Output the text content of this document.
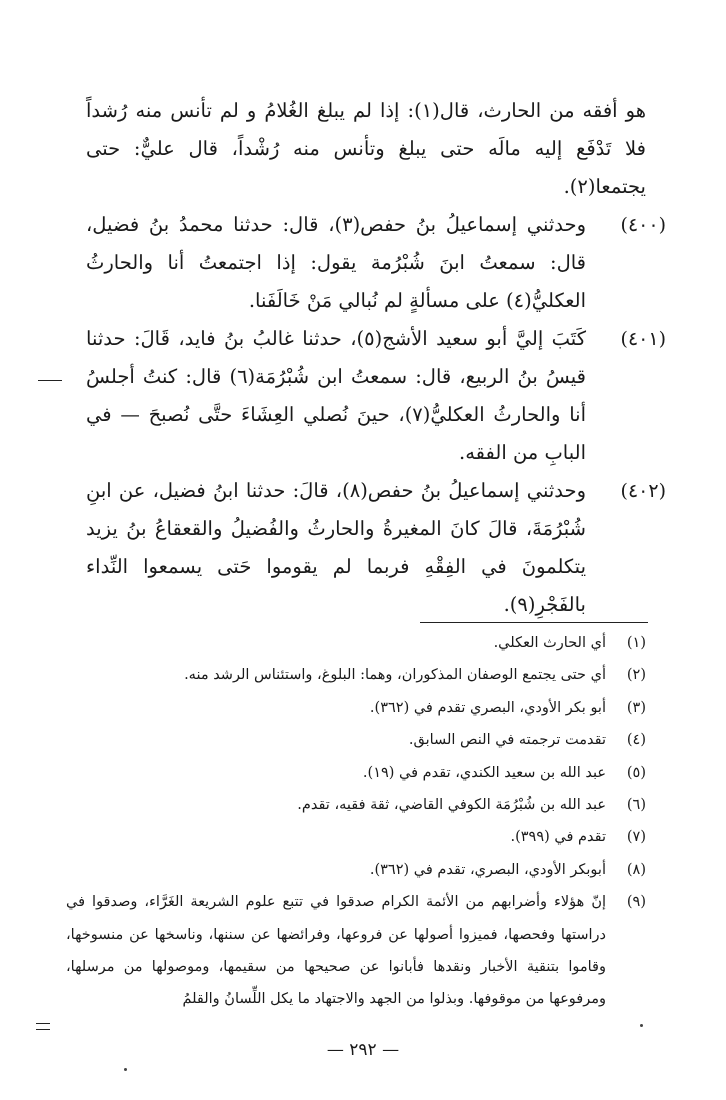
هو أفقه من الحارث، قال(١): إذا لم يبلغ الغُلامُ و لم تأنس منه رُشداً فلا تَدْفَع إليه مالَه حتى يبلغ وتأنس منه رُشْداً، قال عليٌّ: حتى يجتمعا(٢).

(٤٠٠)
وحدثني إسماعيلُ بنُ حفص(٣)، قال: حدثنا محمدُ بنُ فضيل، قال: سمعتُ ابنَ شُبْرُمة يقول: إذا اجتمعتُ أنا والحارثُ العكليُّ(٤) على مسألةٍ لم نُبالي مَنْ خَالَفَنا.

(٤٠١)
كَتَبَ إليَّ أبو سعيد الأشج(٥)، حدثنا غالبُ بنُ فايد، قَالَ: حدثنا قيسُ بنُ الربيع، قال: سمعتُ ابن شُبْرُمَة(٦) قال: كنتُ أجلسُ أنا والحارثُ العكليُّ(٧)، حينَ نُصلي العِشَاءَ حتَّى نُصبحَ — في البابِ من الفقه.

(٤٠٢)
وحدثني إسماعيلُ بنُ حفص(٨)، قالَ: حدثنا ابنُ فضيل، عن ابنِ شُبْرُمَةَ، قالَ كانَ المغيرةُ والحارثُ والفُضيلُ والقعقاعُ بنُ يزيد يتكلمونَ في الفِقْهِ فربما لم يقوموا حَتى يسمعوا النِّداء بالفَجْرِ(٩).

(١)
أي الحارث العكلي.

(٢)
أي حتى يجتمع الوصفان المذكوران، وهما: البلوغ، واستئناس الرشد منه.

(٣)
أبو بكر الأودي، البصري تقدم في (٣٦٢).

(٤)
تقدمت ترجمته في النص السابق.

(٥)
عبد الله بن سعيد الكندي، تقدم في (١٩).

(٦)
عبد الله بن شُبْرُمَة الكوفي القاضي، ثقة فقيه، تقدم.

(٧)
تقدم في (٣٩٩).

(٨)
أبوبكر الأودي، البصري، تقدم في (٣٦٢).

(٩)
إنّ هؤلاء وأضرابهم من الأئمة الكرام صدقوا في تتبع علوم الشريعة الغَرَّاء، وصدقوا في دراستها وفحصها، فميزوا أصولها عن فروعها، وفرائضها عن سننها، وناسخها عن منسوخها، وقاموا بتنقية الأخبار ونقدها فأبانوا عن صحيحها من سقيمها، وموصولها من مرسلها، ومرفوعها من موقوفها. وبذلوا من الجهد والاجتهاد ما يكل اللِّسانُ والقلمُ

— ٢٩٢ —
